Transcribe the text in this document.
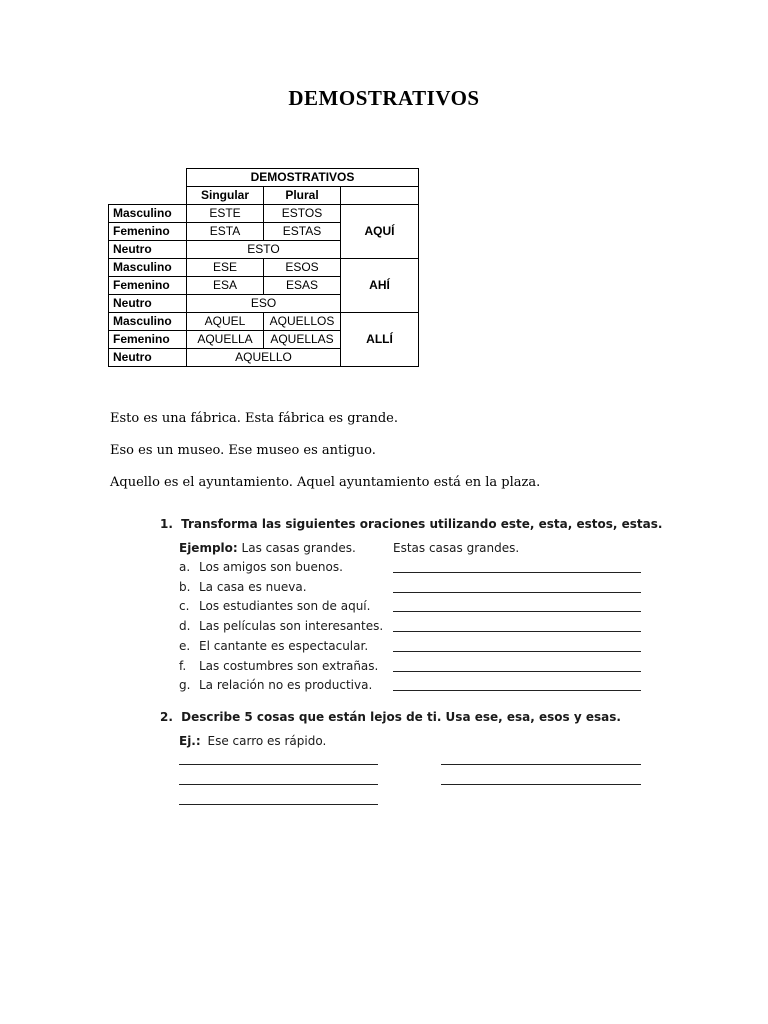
DEMOSTRATIVOS
	DEMOSTRATIVOS		
	Singular	Plural	
Masculino	ESTE	ESTOS	AQUÍ
Femenino	ESTA	ESTAS	
Neutro	ESTO		
Masculino	ESE	ESOS	AHÍ
Femenino	ESA	ESAS	
Neutro	ESO		
Masculino	AQUEL	AQUELLOS	ALLÍ
Femenino	AQUELLA	AQUELLAS	
Neutro	AQUELLO		
Esto es una fábrica. Esta fábrica es grande.
Eso es un museo. Ese museo es antiguo.
Aquello es el ayuntamiento. Aquel ayuntamiento está en la plaza.
1. Transforma las siguientes oraciones utilizando este, esta, estos, estas.
Ejemplo: Las casas grandes.	Estas casas grandes.
a. Los amigos son buenos.
b. La casa es nueva.
c. Los estudiantes son de aquí.
d. Las películas son interesantes.
e. El cantante es espectacular.
f. Las costumbres son extrañas.
g. La relación no es productiva.
2. Describe 5 cosas que están lejos de ti. Usa ese, esa, esos y esas.
Ej.: Ese carro es rápido.
